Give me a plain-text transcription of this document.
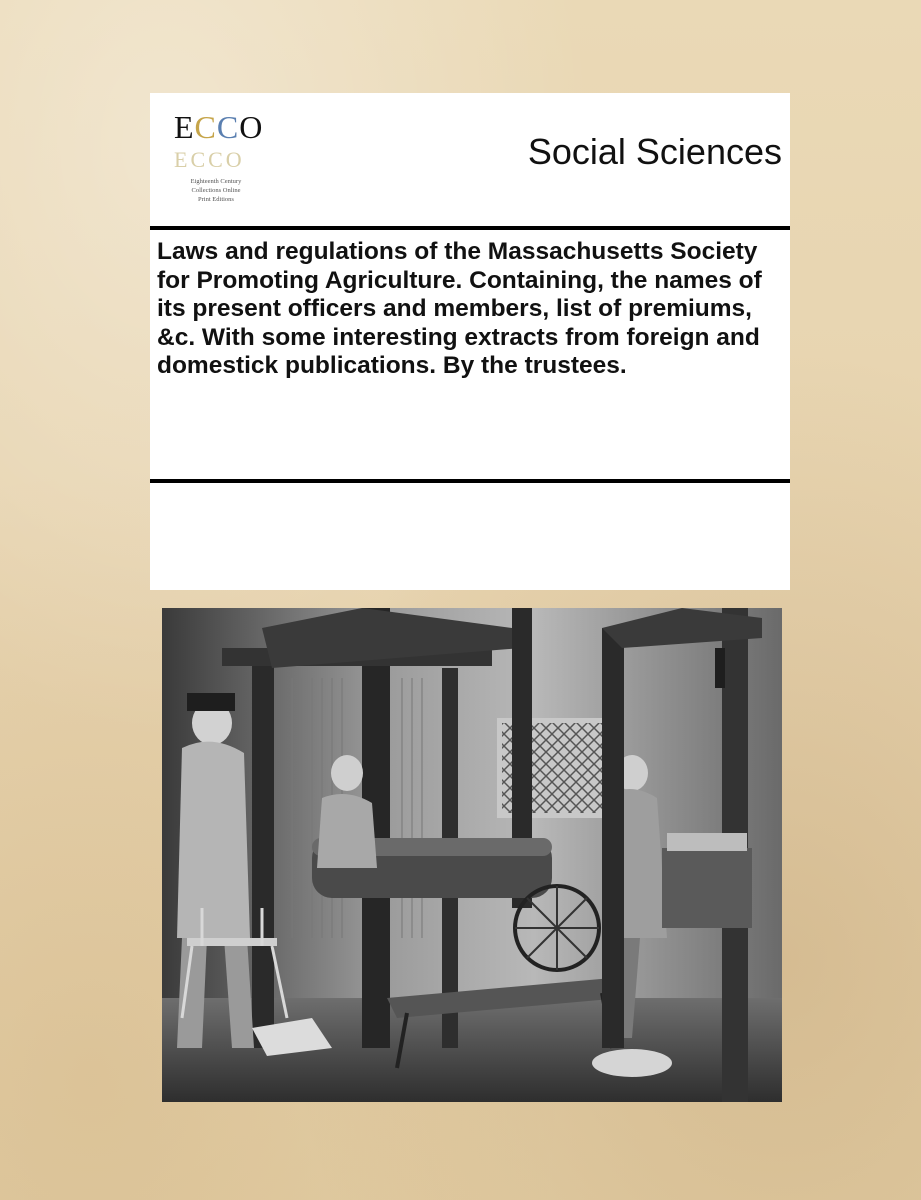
ECCO
ECCO
Eighteenth Century
Collections Online
Print Editions
Social Sciences
Laws and regulations of the Massachusetts Society for Promoting Agriculture. Containing, the names of its present officers and members, list of premiums, &c. With some interesting extracts from foreign and domestick publications. By the trustees.
